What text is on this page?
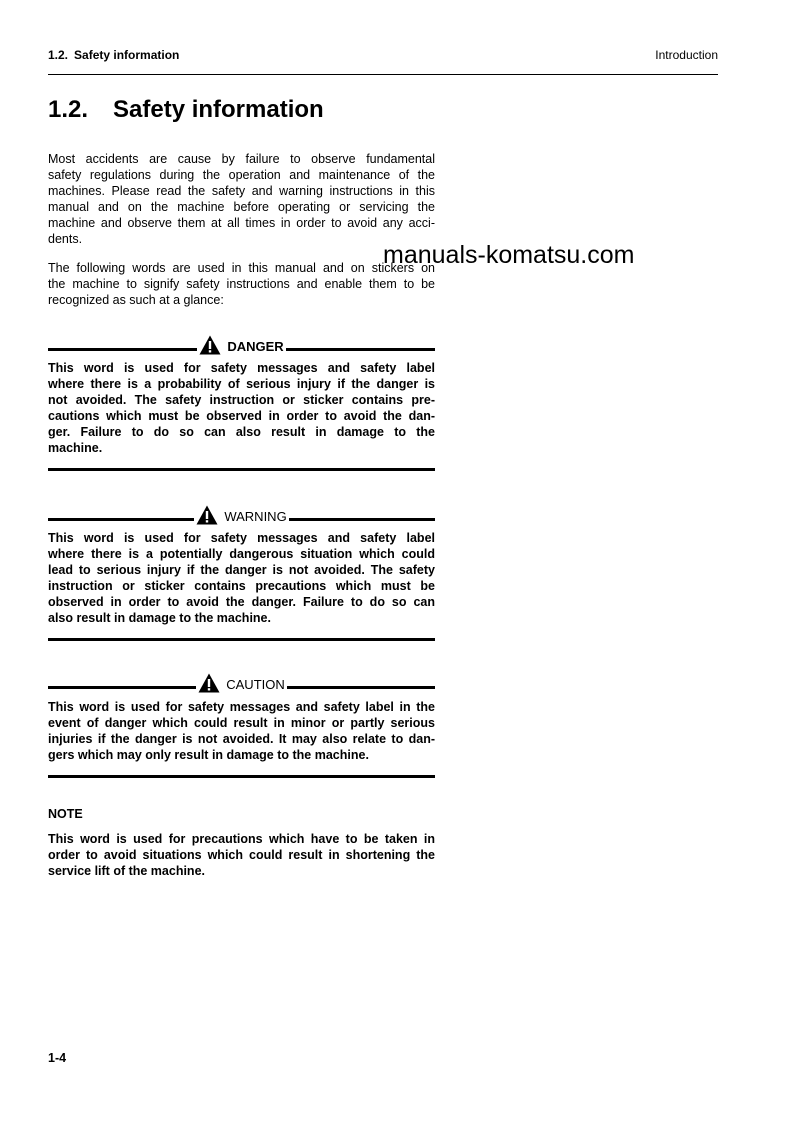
1.2. Safety information	Introduction
1.2. Safety information
Most accidents are cause by failure to observe fundamental
safety regulations during the operation and maintenance of the
machines. Please read the safety and warning instructions in this
manual and on the machine before operating or servicing the
machine and observe them at all times in order to avoid any acci-
dents.
manuals-komatsu.com
The following words are used in this manual and on stickers on
the machine to signify safety instructions and enable them to be
recognized as such at a glance:
DANGER
This word is used for safety messages and safety label
where there is a probability of serious injury if the danger is
not avoided. The safety instruction or sticker contains pre-
cautions which must be observed in order to avoid the dan-
ger. Failure to do so can also result in damage to the
machine.
WARNING
This word is used for safety messages and safety label
where there is a potentially dangerous situation which could
lead to serious injury if the danger is not avoided. The safety
instruction or sticker contains precautions which must be
observed in order to avoid the danger. Failure to do so can
also result in damage to the machine.
CAUTION
This word is used for safety messages and safety label in the
event of danger which could result in minor or partly serious
injuries if the danger is not avoided. It may also relate to dan-
gers which may only result in damage to the machine.
NOTE
This word is used for precautions which have to be taken in
order to avoid situations which could result in shortening the
service lift of the machine.
1-4
